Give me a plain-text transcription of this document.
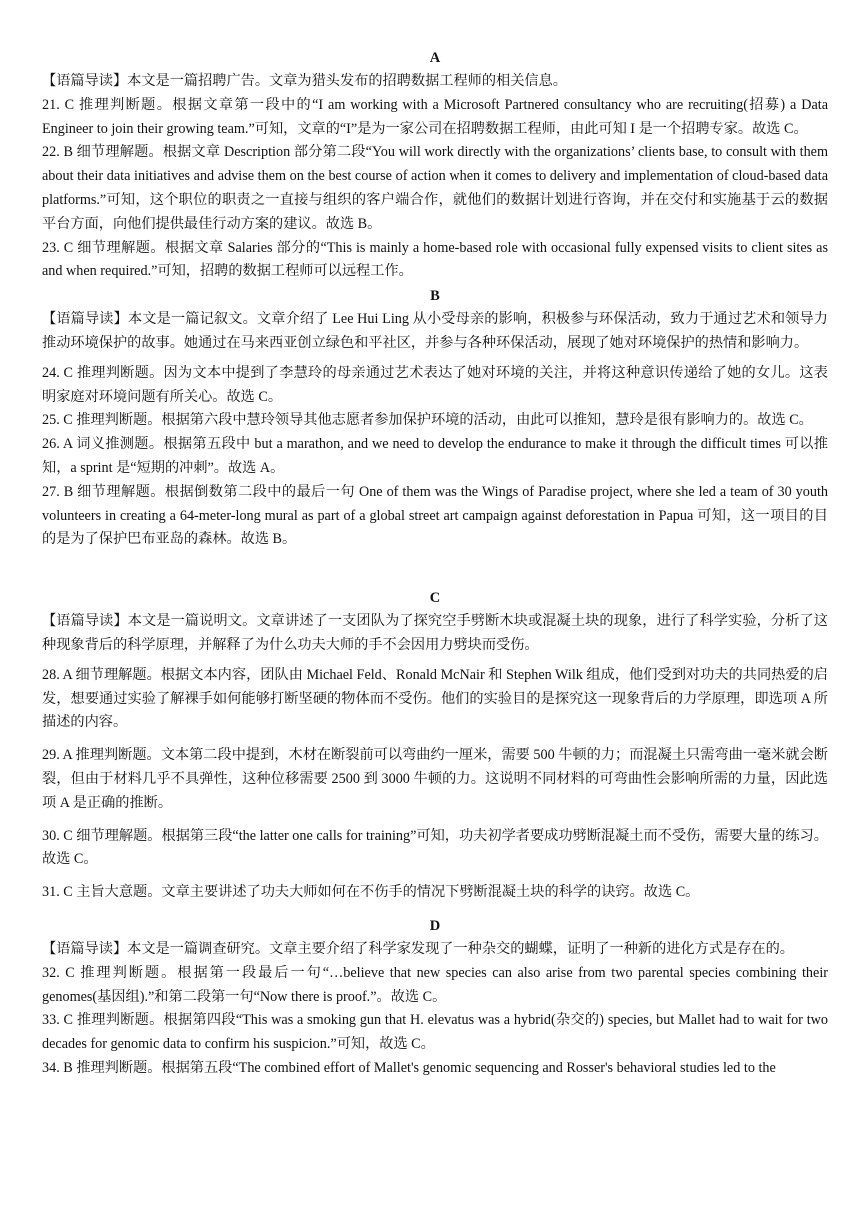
A

【语篇导读】本文是一篇招聘广告。文章为猎头发布的招聘数据工程师的相关信息。

21. C 推理判断题。根据文章第一段中的“I am working with a Microsoft Partnered consultancy who are recruiting(招募) a Data Engineer to join their growing team.”可知，文章的“I”是为一家公司在招聘数据工程师，由此可知 I 是一个招聘专家。故选 C。

22. B 细节理解题。根据文章 Description 部分第二段“You will work directly with the organizations’ clients base, to consult with them about their data initiatives and advise them on the best course of action when it comes to delivery and implementation of cloud-based data platforms.”可知，这个职位的职责之一直接与组织的客户端合作，就他们的数据计划进行咨询，并在交付和实施基于云的数据平台方面，向他们提供最佳行动方案的建议。故选 B。

23. C 细节理解题。根据文章 Salaries 部分的“This is mainly a home-based role with occasional fully expensed visits to client sites as and when required.”可知，招聘的数据工程师可以远程工作。

B

【语篇导读】本文是一篇记叙文。文章介绍了 Lee Hui Ling 从小受母亲的影响，积极参与环保活动，致力于通过艺术和领导力推动环境保护的故事。她通过在马来西亚创立绿色和平社区，并参与各种环保活动，展现了她对环境保护的热情和影响力。

24. C 推理判断题。因为文本中提到了李慧玲的母亲通过艺术表达了她对环境的关注，并将这种意识传递给了她的女儿。这表明家庭对环境问题有所关心。故选 C。

25. C 推理判断题。根据第六段中慧玲领导其他志愿者参加保护环境的活动，由此可以推知，慧玲是很有影响力的。故选 C。

26. A 词义推测题。根据第五段中 but a marathon, and we need to develop the endurance to make it through the difficult times 可以推知，a sprint 是“短期的冲刺”。故选 A。

27. B 细节理解题。根据倒数第二段中的最后一句 One of them was the Wings of Paradise project, where she led a team of 30 youth volunteers in creating a 64-meter-long mural as part of a global street art campaign against deforestation in Papua 可知，这一项目的目的是为了保护巴布亚岛的森林。故选 B。

C

【语篇导读】本文是一篇说明文。文章讲述了一支团队为了探究空手劈断木块或混凝土块的现象，进行了科学实验，分析了这种现象背后的科学原理，并解释了为什么功夫大师的手不会因用力劈块而受伤。

28. A 细节理解题。根据文本内容，团队由 Michael Feld、Ronald McNair 和 Stephen Wilk 组成，他们受到对功夫的共同热爱的启发，想要通过实验了解裸手如何能够打断坚硬的物体而不受伤。他们的实验目的是探究这一现象背后的力学原理，即选项 A 所描述的内容。

29. A 推理判断题。文本第二段中提到，木材在断裂前可以弯曲约一厘米，需要 500 牛顿的力；而混凝土只需弯曲一毫米就会断裂，但由于材料几乎不具弹性，这种位移需要 2500 到 3000 牛顿的力。这说明不同材料的可弯曲性会影响所需的力量，因此选项 A 是正确的推断。

30. C 细节理解题。根据第三段“the latter one calls for training”可知，功夫初学者要成功劈断混凝土而不受伤，需要大量的练习。故选 C。

31. C 主旨大意题。文章主要讲述了功夫大师如何在不伤手的情况下劈断混凝土块的科学的诀窍。故选 C。

D

【语篇导读】本文是一篇调查研究。文章主要介绍了科学家发现了一种杂交的蝴蝶，证明了一种新的进化方式是存在的。

32. C 推理判断题。根据第一段最后一句“…believe that new species can also arise from two parental species combining their genomes(基因组).”和第二段第一句“Now there is proof.”。故选 C。

33. C 推理判断题。根据第四段“This was a smoking gun that H. elevatus was a hybrid(杂交的) species, but Mallet had to wait for two decades for genomic data to confirm his suspicion.”可知，故选 C。

34. B 推理判断题。根据第五段“The combined effort of Mallet's genomic sequencing and Rosser's behavioral studies led to the
